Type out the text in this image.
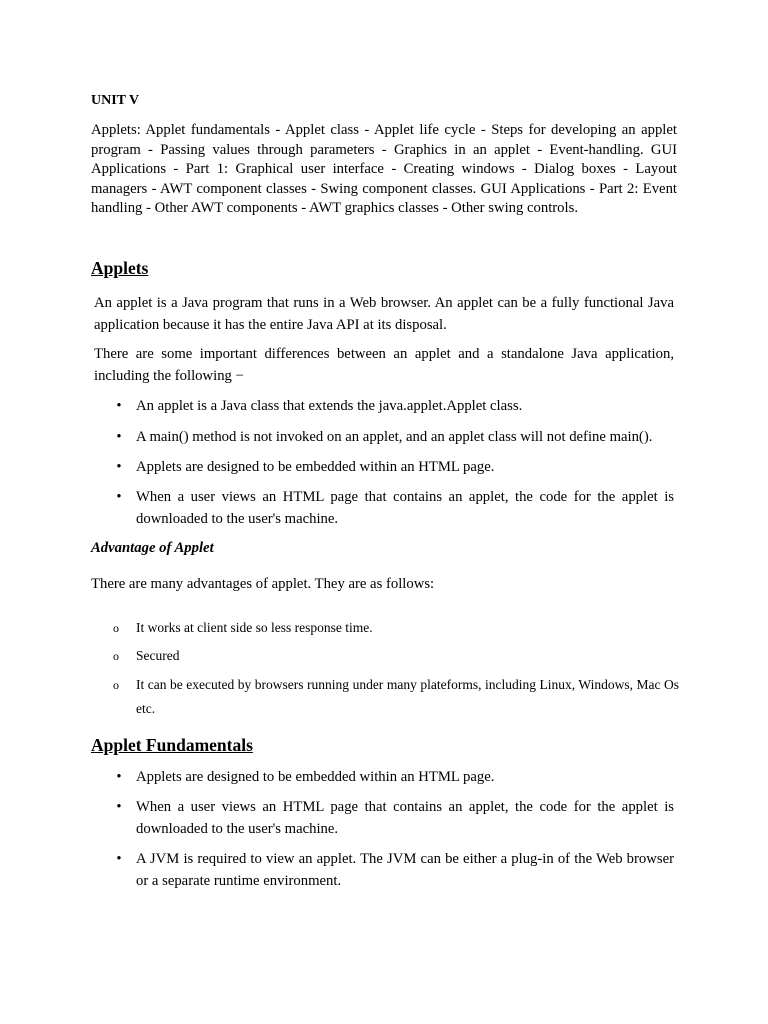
UNIT V

Applets: Applet fundamentals - Applet class - Applet life cycle - Steps for developing an applet program - Passing values through parameters - Graphics in an applet - Event-handling. GUI Applications - Part 1: Graphical user interface - Creating windows - Dialog boxes - Layout managers - AWT component classes - Swing component classes. GUI Applications - Part 2: Event handling - Other AWT components - AWT graphics classes - Other swing controls.

Applets

An applet is a Java program that runs in a Web browser. An applet can be a fully functional Java application because it has the entire Java API at its disposal.

There are some important differences between an applet and a standalone Java application, including the following −

• An applet is a Java class that extends the java.applet.Applet class.
• A main() method is not invoked on an applet, and an applet class will not define main().
• Applets are designed to be embedded within an HTML page.
• When a user views an HTML page that contains an applet, the code for the applet is downloaded to the user's machine.

Advantage of Applet

There are many advantages of applet. They are as follows:

o It works at client side so less response time.
o Secured
o It can be executed by browsers running under many plateforms, including Linux, Windows, Mac Os etc.
Applet Fundamentals
• Applets are designed to be embedded within an HTML page.
• When a user views an HTML page that contains an applet, the code for the applet is downloaded to the user's machine.
• A JVM is required to view an applet. The JVM can be either a plug-in of the Web browser or a separate runtime environment.
